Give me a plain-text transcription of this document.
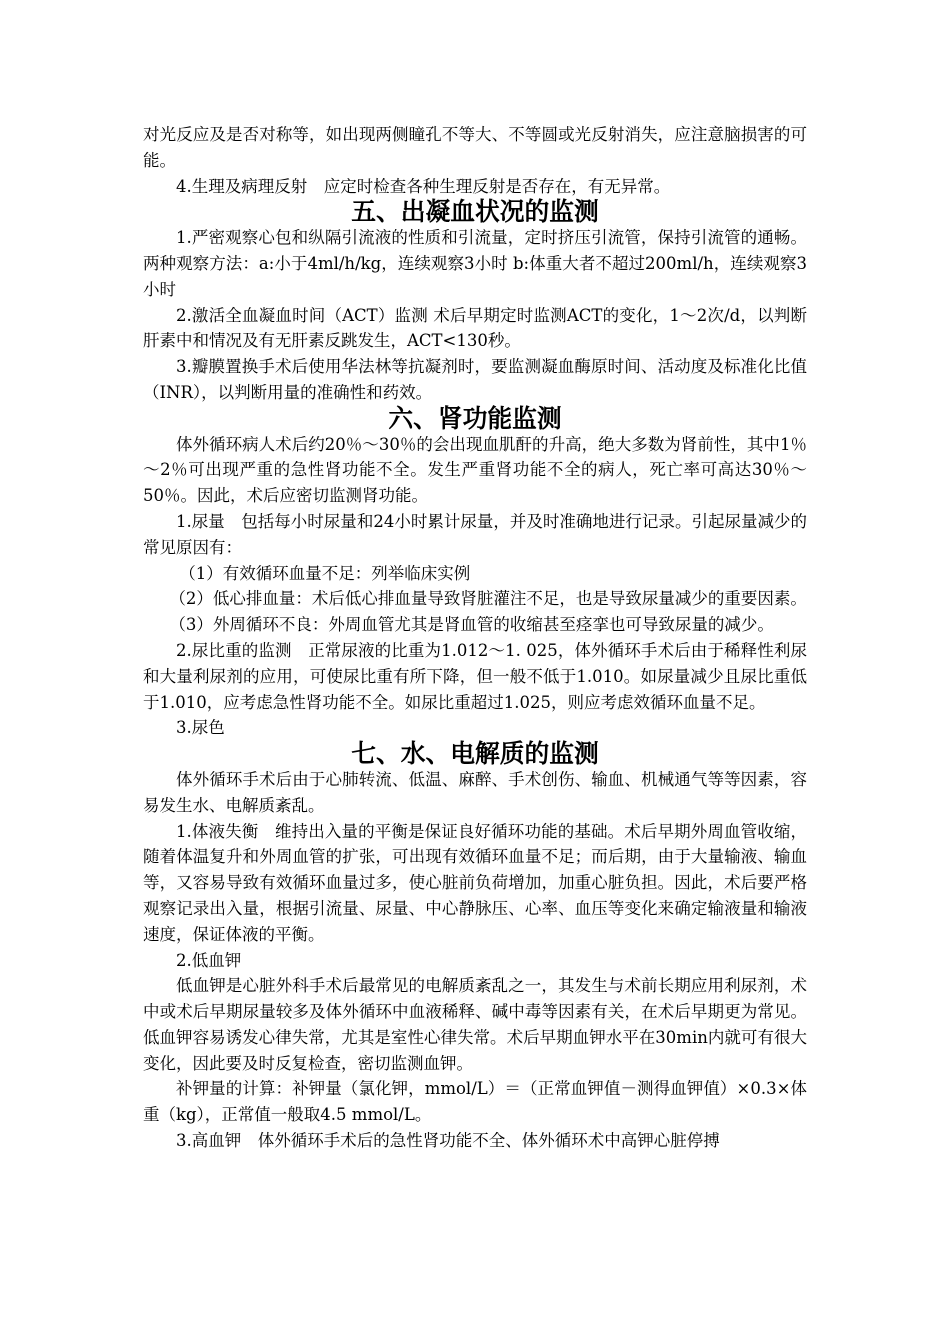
对光反应及是否对称等，如出现两侧瞳孔不等大、不等圆或光反射消失，应注意脑损害的可能。

4.生理及病理反射　应定时检查各种生理反射是否存在，有无异常。

五、出凝血状况的监测

1.严密观察心包和纵隔引流液的性质和引流量，定时挤压引流管，保持引流管的通畅。两种观察方法：a:小于4ml/h/kg，连续观察3小时 b:体重大者不超过200ml/h，连续观察3小时

2.激活全血凝血时间（ACT）监测 术后早期定时监测ACT的变化，1～2次/d，以判断肝素中和情况及有无肝素反跳发生，ACT<130秒。

3.瓣膜置换手术后使用华法林等抗凝剂时，要监测凝血酶原时间、活动度及标准化比值（INR），以判断用量的准确性和药效。

六、肾功能监测

体外循环病人术后约20％～30％的会出现血肌酐的升高，绝大多数为肾前性，其中1％～2％可出现严重的急性肾功能不全。发生严重肾功能不全的病人，死亡率可高达30％～50％。因此，术后应密切监测肾功能。

1.尿量　包括每小时尿量和24小时累计尿量，并及时准确地进行记录。引起尿量减少的常见原因有：

（1）有效循环血量不足：列举临床实例

（2）低心排血量：术后低心排血量导致肾脏灌注不足，也是导致尿量减少的重要因素。

（3）外周循环不良：外周血管尤其是肾血管的收缩甚至痉挛也可导致尿量的减少。

2.尿比重的监测　正常尿液的比重为1.012～1. 025，体外循环手术后由于稀释性利尿和大量利尿剂的应用，可使尿比重有所下降，但一般不低于1.010。如尿量减少且尿比重低于1.010，应考虑急性肾功能不全。如尿比重超过1.025，则应考虑效循环血量不足。

3.尿色

七、水、电解质的监测

体外循环手术后由于心肺转流、低温、麻醉、手术创伤、输血、机械通气等等因素，容易发生水、电解质紊乱。

1.体液失衡　维持出入量的平衡是保证良好循环功能的基础。术后早期外周血管收缩，随着体温复升和外周血管的扩张，可出现有效循环血量不足；而后期，由于大量输液、输血等，又容易导致有效循环血量过多，使心脏前负荷增加，加重心脏负担。因此，术后要严格观察记录出入量，根据引流量、尿量、中心静脉压、心率、血压等变化来确定输液量和输液速度，保证体液的平衡。

2.低血钾

低血钾是心脏外科手术后最常见的电解质紊乱之一，其发生与术前长期应用利尿剂，术中或术后早期尿量较多及体外循环中血液稀释、碱中毒等因素有关，在术后早期更为常见。低血钾容易诱发心律失常，尤其是室性心律失常。术后早期血钾水平在30min内就可有很大变化，因此要及时反复检查，密切监测血钾。

补钾量的计算：补钾量（氯化钾，mmol/L）＝（正常血钾值－测得血钾值）×0.3×体重（kg），正常值一般取4.5 mmol/L。

3.高血钾　体外循环手术后的急性肾功能不全、体外循环术中高钾心脏停搏
